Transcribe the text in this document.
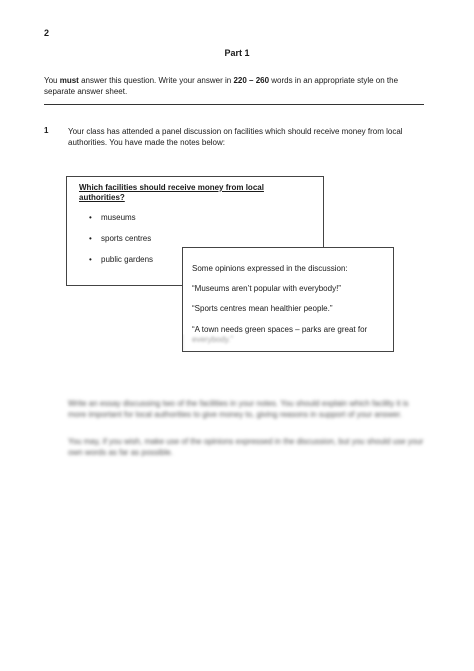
2
Part 1
You must answer this question. Write your answer in 220 – 260 words in an appropriate style on the separate answer sheet.
1 Your class has attended a panel discussion on facilities which should receive money from local authorities. You have made the notes below:
Which facilities should receive money from local authorities?
• museums
• sports centres
• public gardens
Some opinions expressed in the discussion:
“Museums aren’t popular with everybody!”
“Sports centres mean healthier people.”
“A town needs green spaces – parks are great for
Write an essay discussing two of the facilities in your notes. You should explain which facility it is more important for local authorities to give money to, giving reasons in support of your answer.
You may, if you wish, make use of the opinions expressed in the discussion, but you should use your own words as far as possible.
